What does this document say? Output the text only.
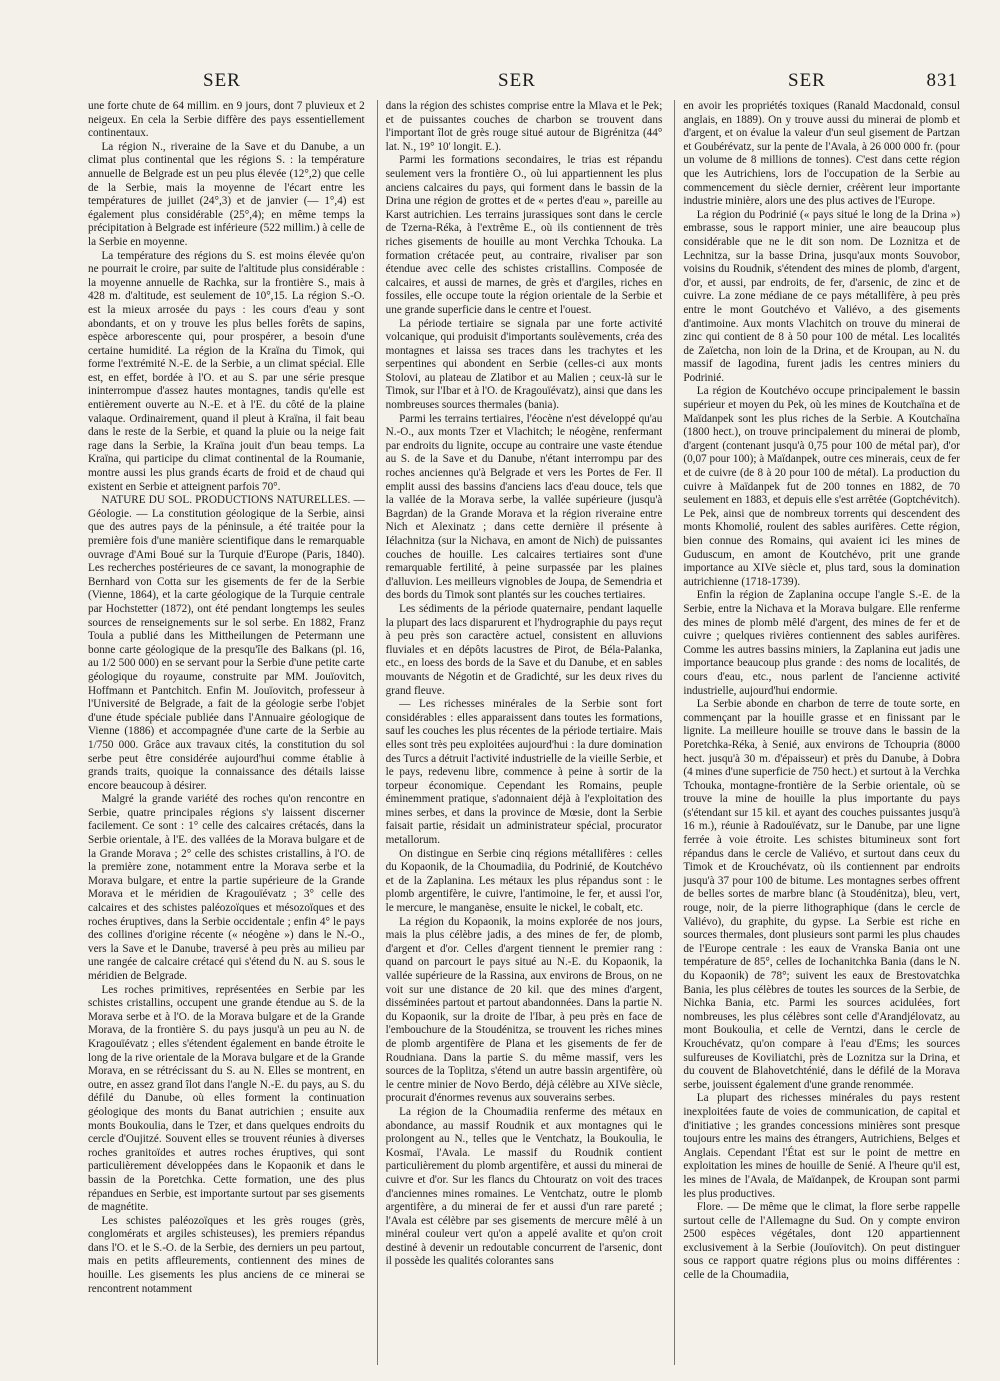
SER	SER	SER	831

une forte chute de 64 millim. en 9 jours, dont 7 pluvieux et 2 neigeux. En cela la Serbie diffère des pays essentiellement continentaux.

La région N., riveraine de la Save et du Danube, a un climat plus continental que les régions S. : la température annuelle de Belgrade est un peu plus élevée (12°,2) que celle de la Serbie, mais la moyenne de l'écart entre les températures de juillet (24°,3) et de janvier (— 1°,4) est également plus considérable (25°,4); en même temps la précipitation à Belgrade est inférieure (522 millim.) à celle de la Serbie en moyenne.

La température des régions du S. est moins élevée qu'on ne pourrait le croire, par suite de l'altitude plus considérable : la moyenne annuelle de Rachka, sur la frontière S., mais à 428 m. d'altitude, est seulement de 10°,15. La région S.-O. est la mieux arrosée du pays : les cours d'eau y sont abondants, et on y trouve les plus belles forêts de sapins, espèce arborescente qui, pour prospérer, a besoin d'une certaine humidité. La région de la Kraïna du Timok, qui forme l'extrémité N.-E. de la Serbie, a un climat spécial. Elle est, en effet, bordée à l'O. et au S. par une série presque ininterrompue d'assez hautes montagnes, tandis qu'elle est entièrement ouverte au N.-E. et à l'E. du côté de la plaine valaque. Ordinairement, quand il pleut à Kraïna, il fait beau dans le reste de la Serbie, et quand la pluie ou la neige fait rage dans la Serbie, la Kraïna jouit d'un beau temps. La Kraïna, qui participe du climat continental de la Roumanie, montre aussi les plus grands écarts de froid et de chaud qui existent en Serbie et atteignent parfois 70°.

NATURE DU SOL. PRODUCTIONS NATURELLES. — Géologie. — La constitution géologique de la Serbie, ainsi que des autres pays de la péninsule, a été traitée pour la première fois d'une manière scientifique dans le remarquable ouvrage d'Ami Boué sur la Turquie d'Europe (Paris, 1840). Les recherches postérieures de ce savant, la monographie de Bernhard von Cotta sur les gisements de fer de la Serbie (Vienne, 1864), et la carte géologique de la Turquie centrale par Hochstetter (1872), ont été pendant longtemps les seules sources de renseignements sur le sol serbe. En 1882, Franz Toula a publié dans les Mittheilungen de Petermann une bonne carte géologique de la presqu'île des Balkans (pl. 16, au 1/2 500 000) en se servant pour la Serbie d'une petite carte géologique du royaume, construite par MM. Jouïovitch, Hoffmann et Pantchitch. Enfin M. Jouïovitch, professeur à l'Université de Belgrade, a fait de la géologie serbe l'objet d'une étude spéciale publiée dans l'Annuaire géologique de Vienne (1886) et accompagnée d'une carte de la Serbie au 1/750 000. Grâce aux travaux cités, la constitution du sol serbe peut être considérée aujourd'hui comme établie à grands traits, quoique la connaissance des détails laisse encore beaucoup à désirer.

Malgré la grande variété des roches qu'on rencontre en Serbie, quatre principales régions s'y laissent discerner facilement. Ce sont : 1° celle des calcaires crétacés, dans la Serbie orientale, à l'E. des vallées de la Morava bulgare et de la Grande Morava ; 2° celle des schistes cristallins, à l'O. de la première zone, notamment entre la Morava serbe et la Morava bulgare, et entre la partie supérieure de la Grande Morava et le méridien de Kragouïévatz ; 3° celle des calcaires et des schistes paléozoïques et mésozoïques et des roches éruptives, dans la Serbie occidentale ; enfin 4° le pays des collines d'origine récente (« néogène ») dans le N.-O., vers la Save et le Danube, traversé à peu près au milieu par une rangée de calcaire crétacé qui s'étend du N. au S. sous le méridien de Belgrade.

Les roches primitives, représentées en Serbie par les schistes cristallins, occupent une grande étendue au S. de la Morava serbe et à l'O. de la Morava bulgare et de la Grande Morava, de la frontière S. du pays jusqu'à un peu au N. de Kragouïévatz ; elles s'étendent également en bande étroite le long de la rive orientale de la Morava bulgare et de la Grande Morava, en se rétrécissant du S. au N. Elles se montrent, en outre, en assez grand îlot dans l'angle N.-E. du pays, au S. du défilé du Danube, où elles forment la continuation géologique des monts du Banat autrichien ; ensuite aux monts Boukoulia, dans le Tzer, et dans quelques endroits du cercle d'Oujitzé. Souvent elles se trouvent réunies à diverses roches granitoïdes et autres roches éruptives, qui sont particulièrement développées dans le Kopaonik et dans le bassin de la Poretchka. Cette formation, une des plus répandues en Serbie, est importante surtout par ses gisements de magnétite.

Les schistes paléozoïques et les grès rouges (grès, conglomérats et argiles schisteuses), les premiers répandus dans l'O. et le S.-O. de la Serbie, des derniers un peu partout, mais en petits affleurements, contiennent des mines de houille. Les gisements les plus anciens de ce minerai se rencontrent notamment

dans la région des schistes comprise entre la Mlava et le Pek; et de puissantes couches de charbon se trouvent dans l'important îlot de grès rouge situé autour de Bigrénitza (44° lat. N., 19° 10' longit. E.).

Parmi les formations secondaires, le trias est répandu seulement vers la frontière O., où lui appartiennent les plus anciens calcaires du pays, qui forment dans le bassin de la Drina une région de grottes et de « pertes d'eau », pareille au Karst autrichien. Les terrains jurassiques sont dans le cercle de Tzerna-Réka, à l'extrême E., où ils contiennent de très riches gisements de houille au mont Verchka Tchouka. La formation crétacée peut, au contraire, rivaliser par son étendue avec celle des schistes cristallins. Composée de calcaires, et aussi de marnes, de grès et d'argiles, riches en fossiles, elle occupe toute la région orientale de la Serbie et une grande superficie dans le centre et l'ouest.

La période tertiaire se signala par une forte activité volcanique, qui produisit d'importants soulèvements, créa des montagnes et laissa ses traces dans les trachytes et les serpentines qui abondent en Serbie (celles-ci aux monts Stolovi, au plateau de Zlatibor et au Malien ; ceux-là sur le Timok, sur l'Ibar et à l'O. de Kragouïévatz), ainsi que dans les nombreuses sources thermales (bania).

Parmi les terrains tertiaires, l'éocène n'est développé qu'au N.-O., aux monts Tzer et Vlachitch; le néogène, renfermant par endroits du lignite, occupe au contraire une vaste étendue au S. de la Save et du Danube, n'étant interrompu par des roches anciennes qu'à Belgrade et vers les Portes de Fer. Il emplit aussi des bassins d'anciens lacs d'eau douce, tels que la vallée de la Morava serbe, la vallée supérieure (jusqu'à Bagrdan) de la Grande Morava et la région riveraine entre Nich et Alexinatz ; dans cette dernière il présente à Iélachnitza (sur la Nichava, en amont de Nich) de puissantes couches de houille. Les calcaires tertiaires sont d'une remarquable fertilité, à peine surpassée par les plaines d'alluvion. Les meilleurs vignobles de Joupa, de Semendria et des bords du Timok sont plantés sur les couches tertiaires.

Les sédiments de la période quaternaire, pendant laquelle la plupart des lacs disparurent et l'hydrographie du pays reçut à peu près son caractère actuel, consistent en alluvions fluviales et en dépôts lacustres de Pirot, de Béla-Palanka, etc., en loess des bords de la Save et du Danube, et en sables mouvants de Négotin et de Gradichté, sur les deux rives du grand fleuve.

— Les richesses minérales de la Serbie sont fort considérables : elles apparaissent dans toutes les formations, sauf les couches les plus récentes de la période tertiaire. Mais elles sont très peu exploitées aujourd'hui : la dure domination des Turcs a détruit l'activité industrielle de la vieille Serbie, et le pays, redevenu libre, commence à peine à sortir de la torpeur économique. Cependant les Romains, peuple éminemment pratique, s'adonnaient déjà à l'exploitation des mines serbes, et dans la province de Mœsie, dont la Serbie faisait partie, résidait un administrateur spécial, procurator metallorum.

On distingue en Serbie cinq régions métallifères : celles du Kopaonik, de la Choumadiia, du Podrinié, de Koutchévo et de la Zaplanina. Les métaux les plus répandus sont : le plomb argentifère, le cuivre, l'antimoine, le fer, et aussi l'or, le mercure, le manganèse, ensuite le nickel, le cobalt, etc.

La région du Kopaonik, la moins explorée de nos jours, mais la plus célèbre jadis, a des mines de fer, de plomb, d'argent et d'or. Celles d'argent tiennent le premier rang : quand on parcourt le pays situé au N.-E. du Kopaonik, la vallée supérieure de la Rassina, aux environs de Brous, on ne voit sur une distance de 20 kil. que des mines d'argent, disséminées partout et partout abandonnées. Dans la partie N. du Kopaonik, sur la droite de l'Ibar, à peu près en face de l'embouchure de la Stoudénitza, se trouvent les riches mines de plomb argentifère de Plana et les gisements de fer de Roudniana. Dans la partie S. du même massif, vers les sources de la Toplitza, s'étend un autre bassin argentifère, où le centre minier de Novo Berdo, déjà célèbre au XIVe siècle, procurait d'énormes revenus aux souverains serbes.

La région de la Choumadiia renferme des métaux en abondance, au massif Roudnik et aux montagnes qui le prolongent au N., telles que le Ventchatz, la Boukoulia, le Kosmaï, l'Avala. Le massif du Roudnik contient particulièrement du plomb argentifère, et aussi du minerai de cuivre et d'or. Sur les flancs du Chtouratz on voit des traces d'anciennes mines romaines. Le Ventchatz, outre le plomb argentifère, a du minerai de fer et aussi d'un rare pareté ; l'Avala est célèbre par ses gisements de mercure mêlé à un minéral couleur vert qu'on a appelé avalite et qu'on croit destiné à devenir un redoutable concurrent de l'arsenic, dont il possède les qualités colorantes sans

en avoir les propriétés toxiques (Ranald Macdonald, consul anglais, en 1889). On y trouve aussi du minerai de plomb et d'argent, et on évalue la valeur d'un seul gisement de Partzan et Goubérévatz, sur la pente de l'Avala, à 26 000 000 fr. (pour un volume de 8 millions de tonnes). C'est dans cette région que les Autrichiens, lors de l'occupation de la Serbie au commencement du siècle dernier, créèrent leur importante industrie minière, alors une des plus actives de l'Europe.

La région du Podrinié (« pays situé le long de la Drina ») embrasse, sous le rapport minier, une aire beaucoup plus considérable que ne le dit son nom. De Loznitza et de Lechnitza, sur la basse Drina, jusqu'aux monts Souvobor, voisins du Roudnik, s'étendent des mines de plomb, d'argent, d'or, et aussi, par endroits, de fer, d'arsenic, de zinc et de cuivre. La zone médiane de ce pays métallifère, à peu près entre le mont Goutchévo et Valiévo, a des gisements d'antimoine. Aux monts Vlachitch on trouve du minerai de zinc qui contient de 8 à 50 pour 100 de métal. Les localités de Zaïetcha, non loin de la Drina, et de Kroupan, au N. du massif de Iagodina, furent jadis les centres miniers du Podrinié.

La région de Koutchévo occupe principalement le bassin supérieur et moyen du Pek, où les mines de Koutchaïna et de Maïdanpek sont les plus riches de la Serbie. A Koutchaïna (1800 hect.), on trouve principalement du minerai de plomb, d'argent (contenant jusqu'à 0,75 pour 100 de métal par), d'or (0,07 pour 100); à Maïdanpek, outre ces minerais, ceux de fer et de cuivre (de 8 à 20 pour 100 de métal). La production du cuivre à Maïdanpek fut de 200 tonnes en 1882, de 70 seulement en 1883, et depuis elle s'est arrêtée (Goptchévitch). Le Pek, ainsi que de nombreux torrents qui descendent des monts Khomolié, roulent des sables aurifères. Cette région, bien connue des Romains, qui avaient ici les mines de Guduscum, en amont de Koutchévo, prit une grande importance au XIVe siècle et, plus tard, sous la domination autrichienne (1718-1739).

Enfin la région de Zaplanina occupe l'angle S.-E. de la Serbie, entre la Nichava et la Morava bulgare. Elle renferme des mines de plomb mêlé d'argent, des mines de fer et de cuivre ; quelques rivières contiennent des sables aurifères. Comme les autres bassins miniers, la Zaplanina eut jadis une importance beaucoup plus grande : des noms de localités, de cours d'eau, etc., nous parlent de l'ancienne activité industrielle, aujourd'hui endormie.

La Serbie abonde en charbon de terre de toute sorte, en commençant par la houille grasse et en finissant par le lignite. La meilleure houille se trouve dans le bassin de la Poretchka-Réka, à Senié, aux environs de Tchoupria (8000 hect. jusqu'à 30 m. d'épaisseur) et près du Danube, à Dobra (4 mines d'une superficie de 750 hect.) et surtout à la Verchka Tchouka, montagne-frontière de la Serbie orientale, où se trouve la mine de houille la plus importante du pays (s'étendant sur 15 kil. et ayant des couches puissantes jusqu'à 16 m.), réunie à Radouïévatz, sur le Danube, par une ligne ferrée à voie étroite. Les schistes bitumineux sont fort répandus dans le cercle de Valiévo, et surtout dans ceux du Timok et de Krouchévatz, où ils contiennent par endroits jusqu'à 37 pour 100 de bitume. Les montagnes serbes offrent de belles sortes de marbre blanc (à Stoudénitza), bleu, vert, rouge, noir, de la pierre lithographique (dans le cercle de Valiévo), du graphite, du gypse. La Serbie est riche en sources thermales, dont plusieurs sont parmi les plus chaudes de l'Europe centrale : les eaux de Vranska Bania ont une température de 85°, celles de Iochanitchka Bania (dans le N. du Kopaonik) de 78°; suivent les eaux de Brestovatchka Bania, les plus célèbres de toutes les sources de la Serbie, de Nichka Bania, etc. Parmi les sources acidulées, fort nombreuses, les plus célèbres sont celle d'Arandjélovatz, au mont Boukoulia, et celle de Verntzi, dans le cercle de Krouchévatz, qu'on compare à l'eau d'Ems; les sources sulfureuses de Koviliatchi, près de Loznitza sur la Drina, et du couvent de Blahovetchténié, dans le défilé de la Morava serbe, jouissent également d'une grande renommée.

La plupart des richesses minérales du pays restent inexploitées faute de voies de communication, de capital et d'initiative ; les grandes concessions minières sont presque toujours entre les mains des étrangers, Autrichiens, Belges et Anglais. Cependant l'État est sur le point de mettre en exploitation les mines de houille de Senié. A l'heure qu'il est, les mines de l'Avala, de Maïdanpek, de Kroupan sont parmi les plus productives.

Flore. — De même que le climat, la flore serbe rappelle surtout celle de l'Allemagne du Sud. On y compte environ 2500 espèces végétales, dont 120 appartiennent exclusivement à la Serbie (Jouïovitch). On peut distinguer sous ce rapport quatre régions plus ou moins différentes : celle de la Choumadiia,
